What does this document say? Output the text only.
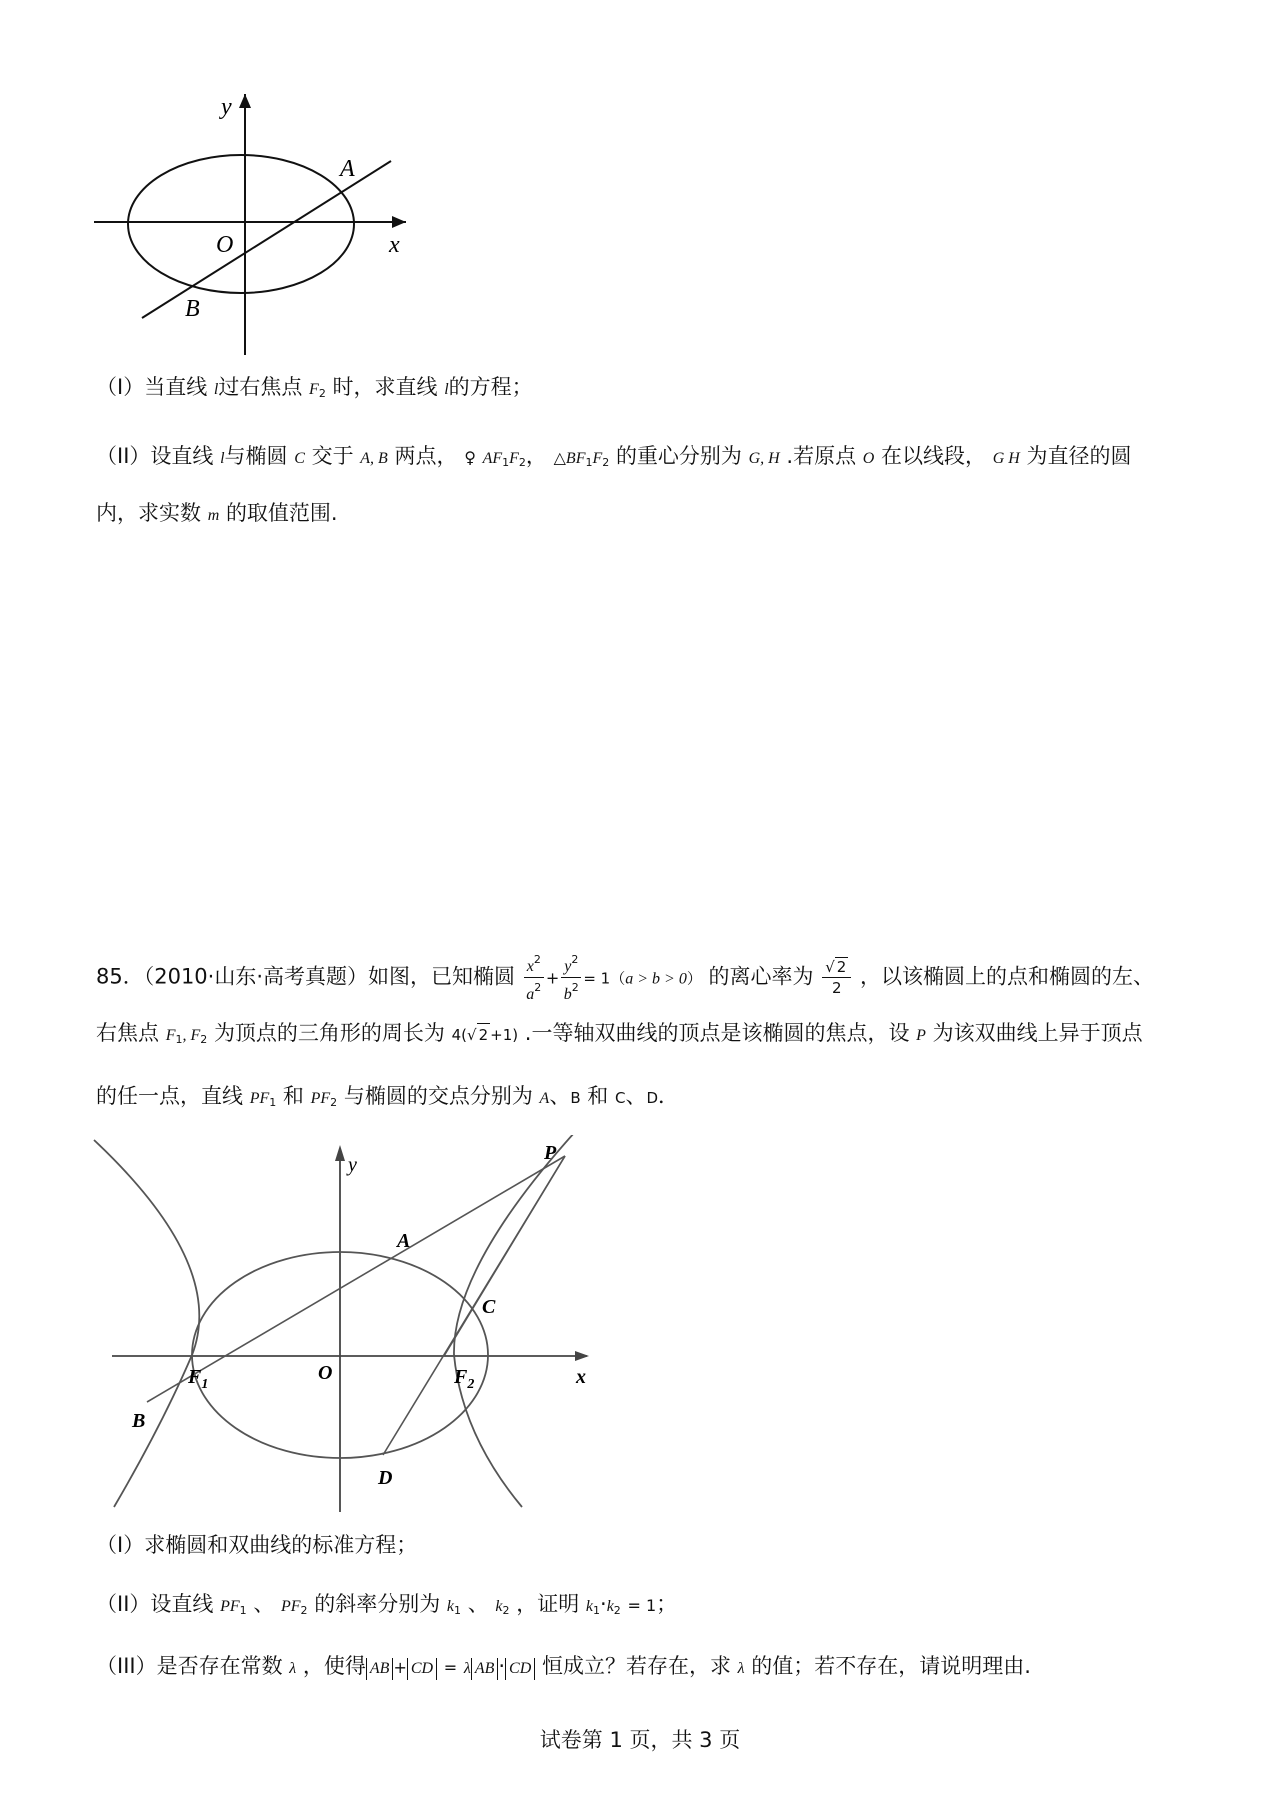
y
x
O
A
B
（I）当直线 l过右焦点 F2 时，求直线 l的方程；
（II）设直线 l与椭圆 C 交于 A, B 两点， ♀ AF1F2， △BF1F2 的重心分别为 G, H .若原点 O 在以线段， G H 为直径的圆
内，求实数 m 的取值范围.
85．（2010·山东·高考真题）如图，已知椭圆 $\frac{x^2}{a^2} + \frac{y^2}{b^2} = 1(a > b > 0)$ 的离心率为 $\frac{√ 2}{2}$ ，以该椭圆上的点和椭圆的左、
右焦点 F1, F2 为顶点的三角形的周长为 4(√ 2 +1) .一等轴双曲线的顶点是该椭圆的焦点，设 P 为该双曲线上异于顶点
的任一点，直线 PF1 和 PF2 与椭圆的交点分别为 A、B 和 C、D．
y
x
O
A
B
C
D
P
$F_1$	$F_2$
（I）求椭圆和双曲线的标准方程；
（II）设直线 PF1 、 PF2 的斜率分别为 k1 、 k2 ，证明 k1·k2 = 1；
（III）是否存在常数 λ ，使得 AB + CD = λ AB · CD 恒成立？若存在，求 λ 的值；若不存在，请说明理由.
试卷第 1 页，共 3 页
